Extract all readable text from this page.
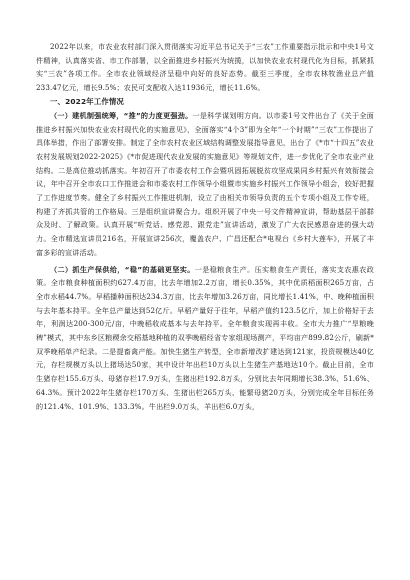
2022年以来，市农业农村部门深入贯彻落实习近平总书记关于“三农”工作重要指示批示和中央1号文件精神，认真落实省、市工作部署，以全面推进乡村振兴为统揽，以加快农业农村现代化为目标，抓紧抓实“三农”各项工作。全市农业领域经济呈稳中向好的良好态势。截至三季度，全市农林牧渔业总产值233.47亿元，增长9.5%；农民可支配收入达11936元，增长11.6%。

一、2022年工作情况

（一）建机制强统筹，“推”的力度更强劲。一是科学谋划明方向。以市委1号文件出台了《关于全面推进乡村振兴加快农业农村现代化的实施意见》，全面落实“4个3”即为全年“一个时期”“三农”工作提出了具体举措，作出了部署安排。制定了全市农村农业区域结构调整发展指导意见，出台了《*市“十四五”农业农村发展规划2022-2025》《*市促进现代农业发展的实施意见》等规划文件，进一步优化了全市农业产业结构。二是高位推动抓落实。年初召开了市委农村工作会暨巩固拓展脱贫攻坚成果同乡村振兴有效衔接会议，年中召开全市农口工作推进会和市委农村工作领导小组暨市实施乡村振兴工作领导小组会，较好把握了工作进度节奏。健全了乡村振兴工作推进机制，设立了由相关市领导负责的五个专项小组及工作专班，构建了齐抓共管的工作格局。三是组织宣讲聚合力。组织开展了中央一号文件精神宣讲，帮助基层干部群众及时、了解政策。认真开展“听党话、感党恩、跟党走”宣讲活动，激发了广大农民感恩奋进的强大动力。全市精选宣讲员216名，开展宣讲256次，覆盖农户、广昌还配合*电视台《乡村大莲车》，开展了丰富多彩的宣讲活动。

（二）抓生产保供给，“稳”的基础更坚实。一是稳粮食生产。压实粮食生产责任，落实支农惠农政策。全市粮食种植面积约627.4万亩，比去年增加2.2万亩，增长0.35%，其中优质稻面积265万亩，占全市水稻44.7%。早稻播种面积达234.3万亩，比去年增加3.26万亩，同比增长1.41%，中、晚种植面积与去年基本持平。全年总产量达到52亿斤。早稻产量好于往年，早稻产值约123.5亿斤，加上价格好于去年，利润达200-300元/亩，中晚稻收成基本与去年持平。全年粮食实现再丰收。全市大力推广“旱粮晚稗”模式，其中东乡区粮稷余交稻基地种植的双季晚稻经省专家组现场测产，平均亩产899.82公斤，刷新*双季晚稻单产纪录。二是提畜禽产能。加快生猪生产转型，全市新增改扩建达到121家，投资规模达40亿元，存栏规模万头以上猪场达50家，其中设计年出栏10万头以上生猪生产基地达10个。截止目前，全市生猪存栏155.6万头、母猪存栏17.9万头，生猪出栏192.8万头，分别比去年同期增长38.3%、51.6%、64.3%。预计2022年生猪存栏170万头、生猪出栏265万头、能繁母猪20万头，分别完成全年目标任务的121.4%、101.9%、133.3%。牛出栏9.0万头，羊出栏6.0万头，
